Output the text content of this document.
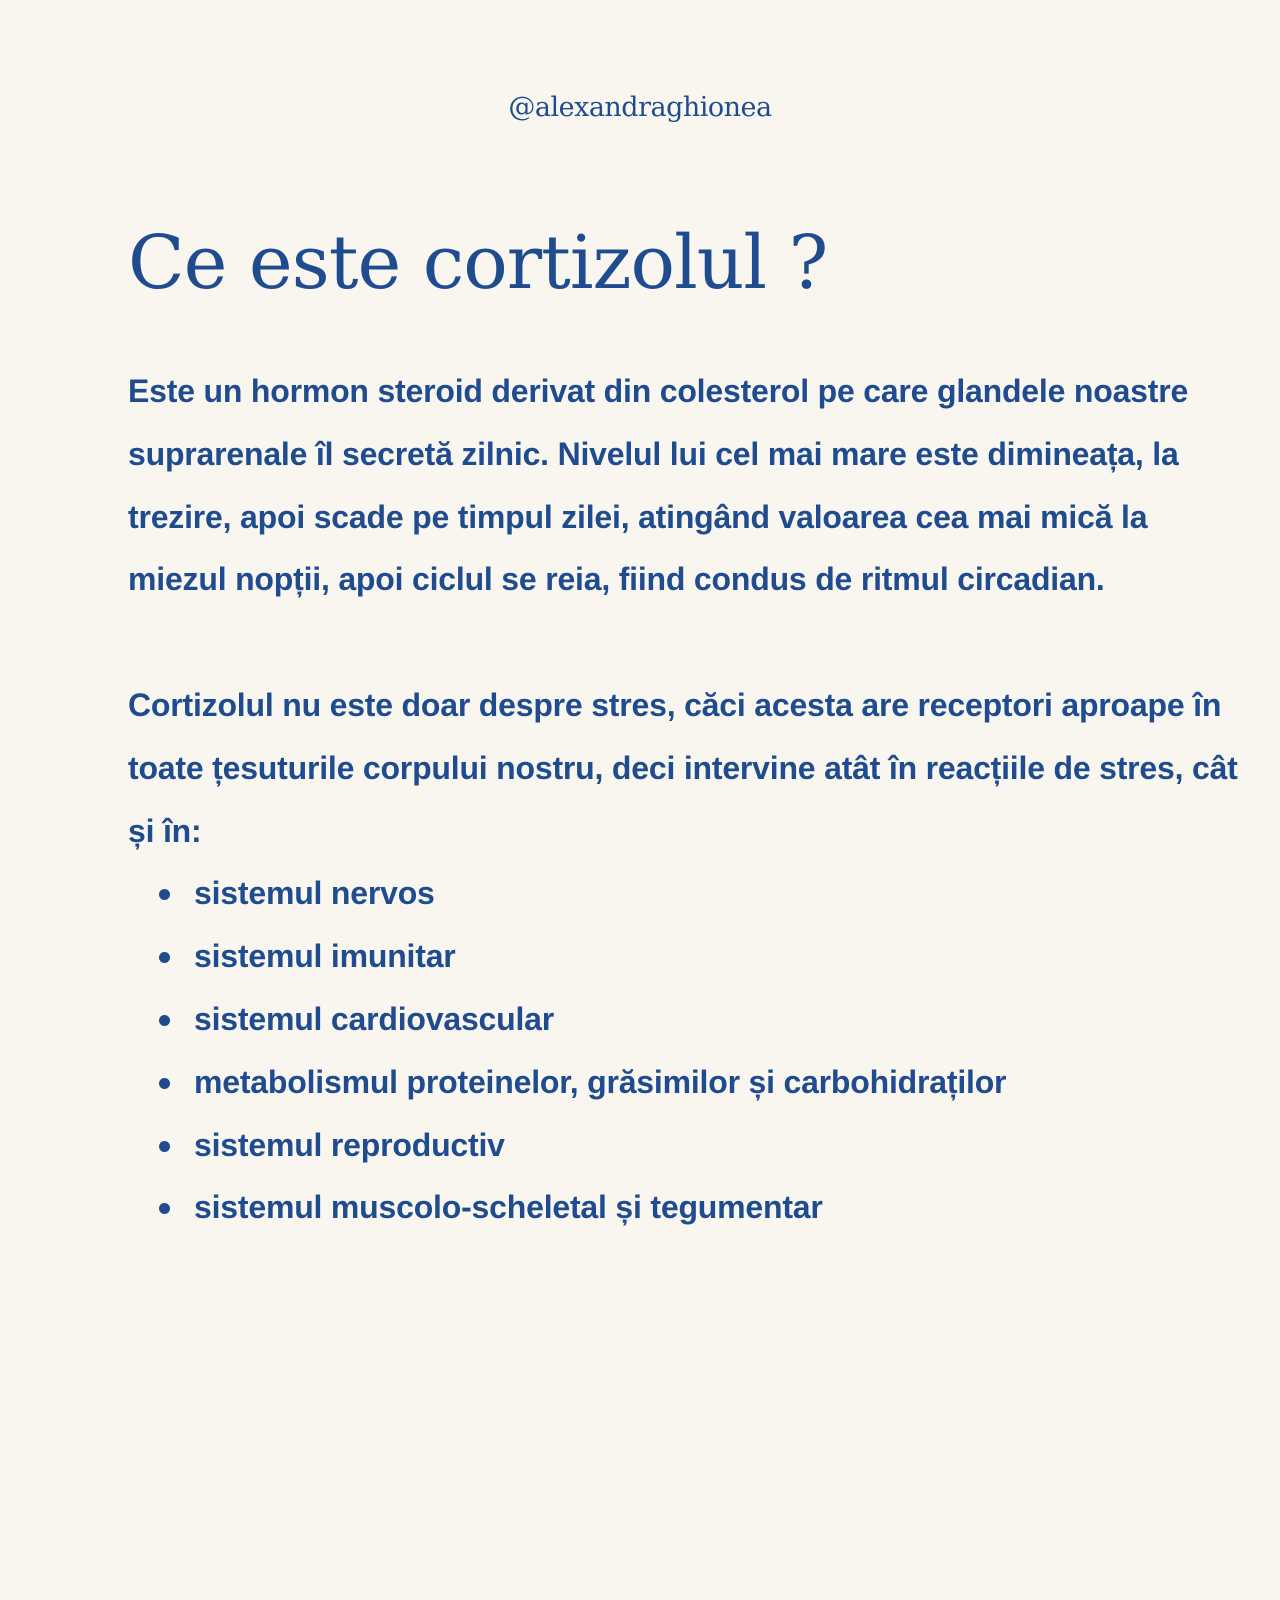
@alexandraghionea
Ce este cortizolul ?

Este un hormon steroid derivat din colesterol pe care glandele noastre suprarenale îl secretă zilnic. Nivelul lui cel mai mare este dimineața, la trezire, apoi scade pe timpul zilei, atingând valoarea cea mai mică la miezul nopții, apoi ciclul se reia, fiind condus de ritmul circadian.

Cortizolul nu este doar despre stres, căci acesta are receptori aproape în toate țesuturile corpului nostru, deci intervine atât în reacțiile de stres, cât și în:

sistemul nervos
sistemul imunitar
sistemul cardiovascular
metabolismul proteinelor, grăsimilor și carbohidraților
sistemul reproductiv
sistemul muscolo-scheletal și tegumentar
